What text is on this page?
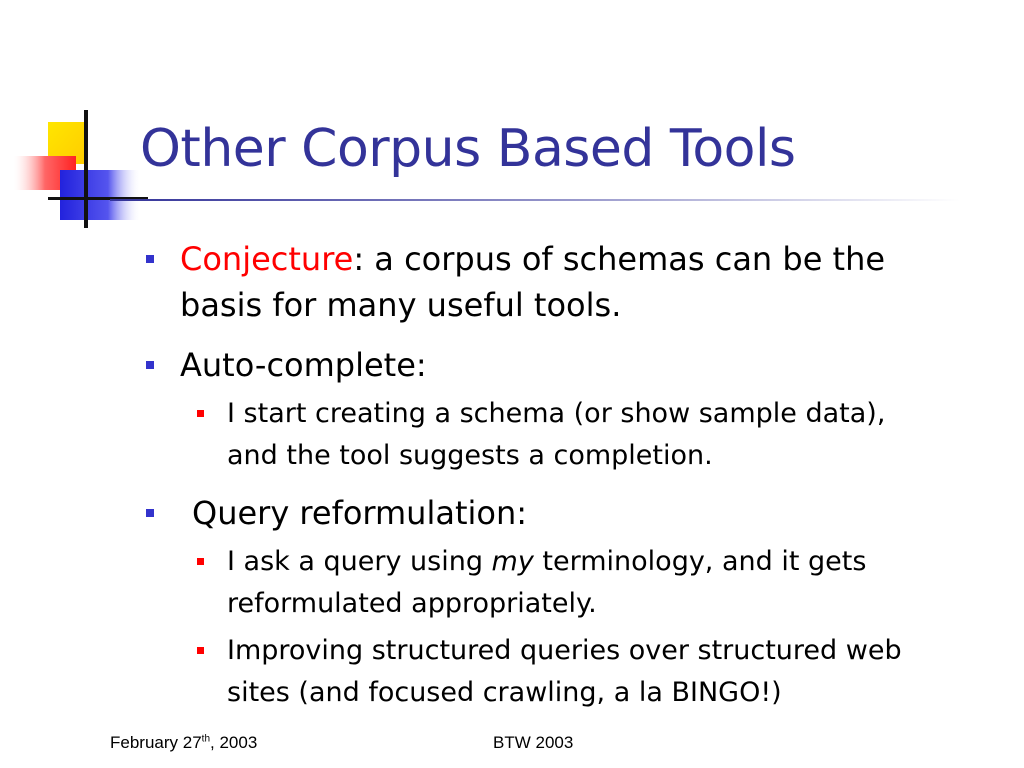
Other Corpus Based Tools
Conjecture: a corpus of schemas can be the
basis for many useful tools.
Auto-complete:
I start creating a schema (or show sample data),
and the tool suggests a completion.
Query reformulation:
I ask a query using my terminology, and it gets
reformulated appropriately.
Improving structured queries over structured web
sites (and focused crawling, a la BINGO!)
February 27th, 2003	BTW 2003
